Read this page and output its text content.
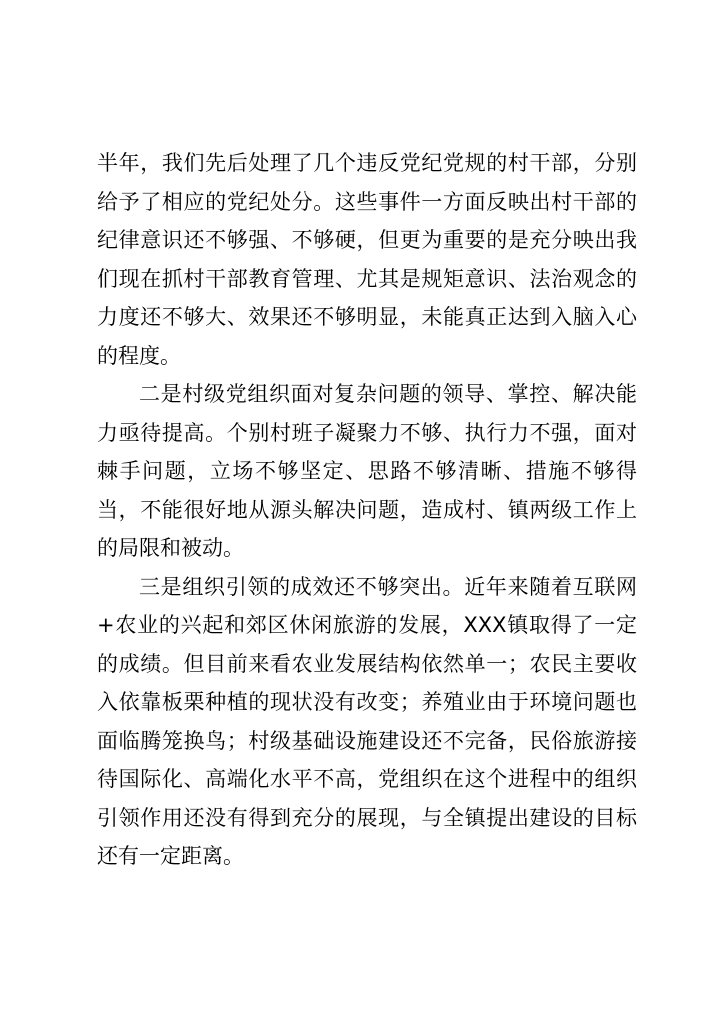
半年，我们先后处理了几个违反党纪党规的村干部，分别给予了相应的党纪处分。这些事件一方面反映出村干部的纪律意识还不够强、不够硬，但更为重要的是充分映出我们现在抓村干部教育管理、尤其是规矩意识、法治观念的力度还不够大、效果还不够明显，未能真正达到入脑入心的程度。

二是村级党组织面对复杂问题的领导、掌控、解决能力亟待提高。个别村班子凝聚力不够、执行力不强，面对棘手问题，立场不够坚定、思路不够清晰、措施不够得当，不能很好地从源头解决问题，造成村、镇两级工作上的局限和被动。

三是组织引领的成效还不够突出。近年来随着互联网+农业的兴起和郊区休闲旅游的发展，XXX镇取得了一定的成绩。但目前来看农业发展结构依然单一；农民主要收入依靠板栗种植的现状没有改变；养殖业由于环境问题也面临腾笼换鸟；村级基础设施建设还不完备，民俗旅游接待国际化、高端化水平不高，党组织在这个进程中的组织引领作用还没有得到充分的展现，与全镇提出建设的目标还有一定距离。
